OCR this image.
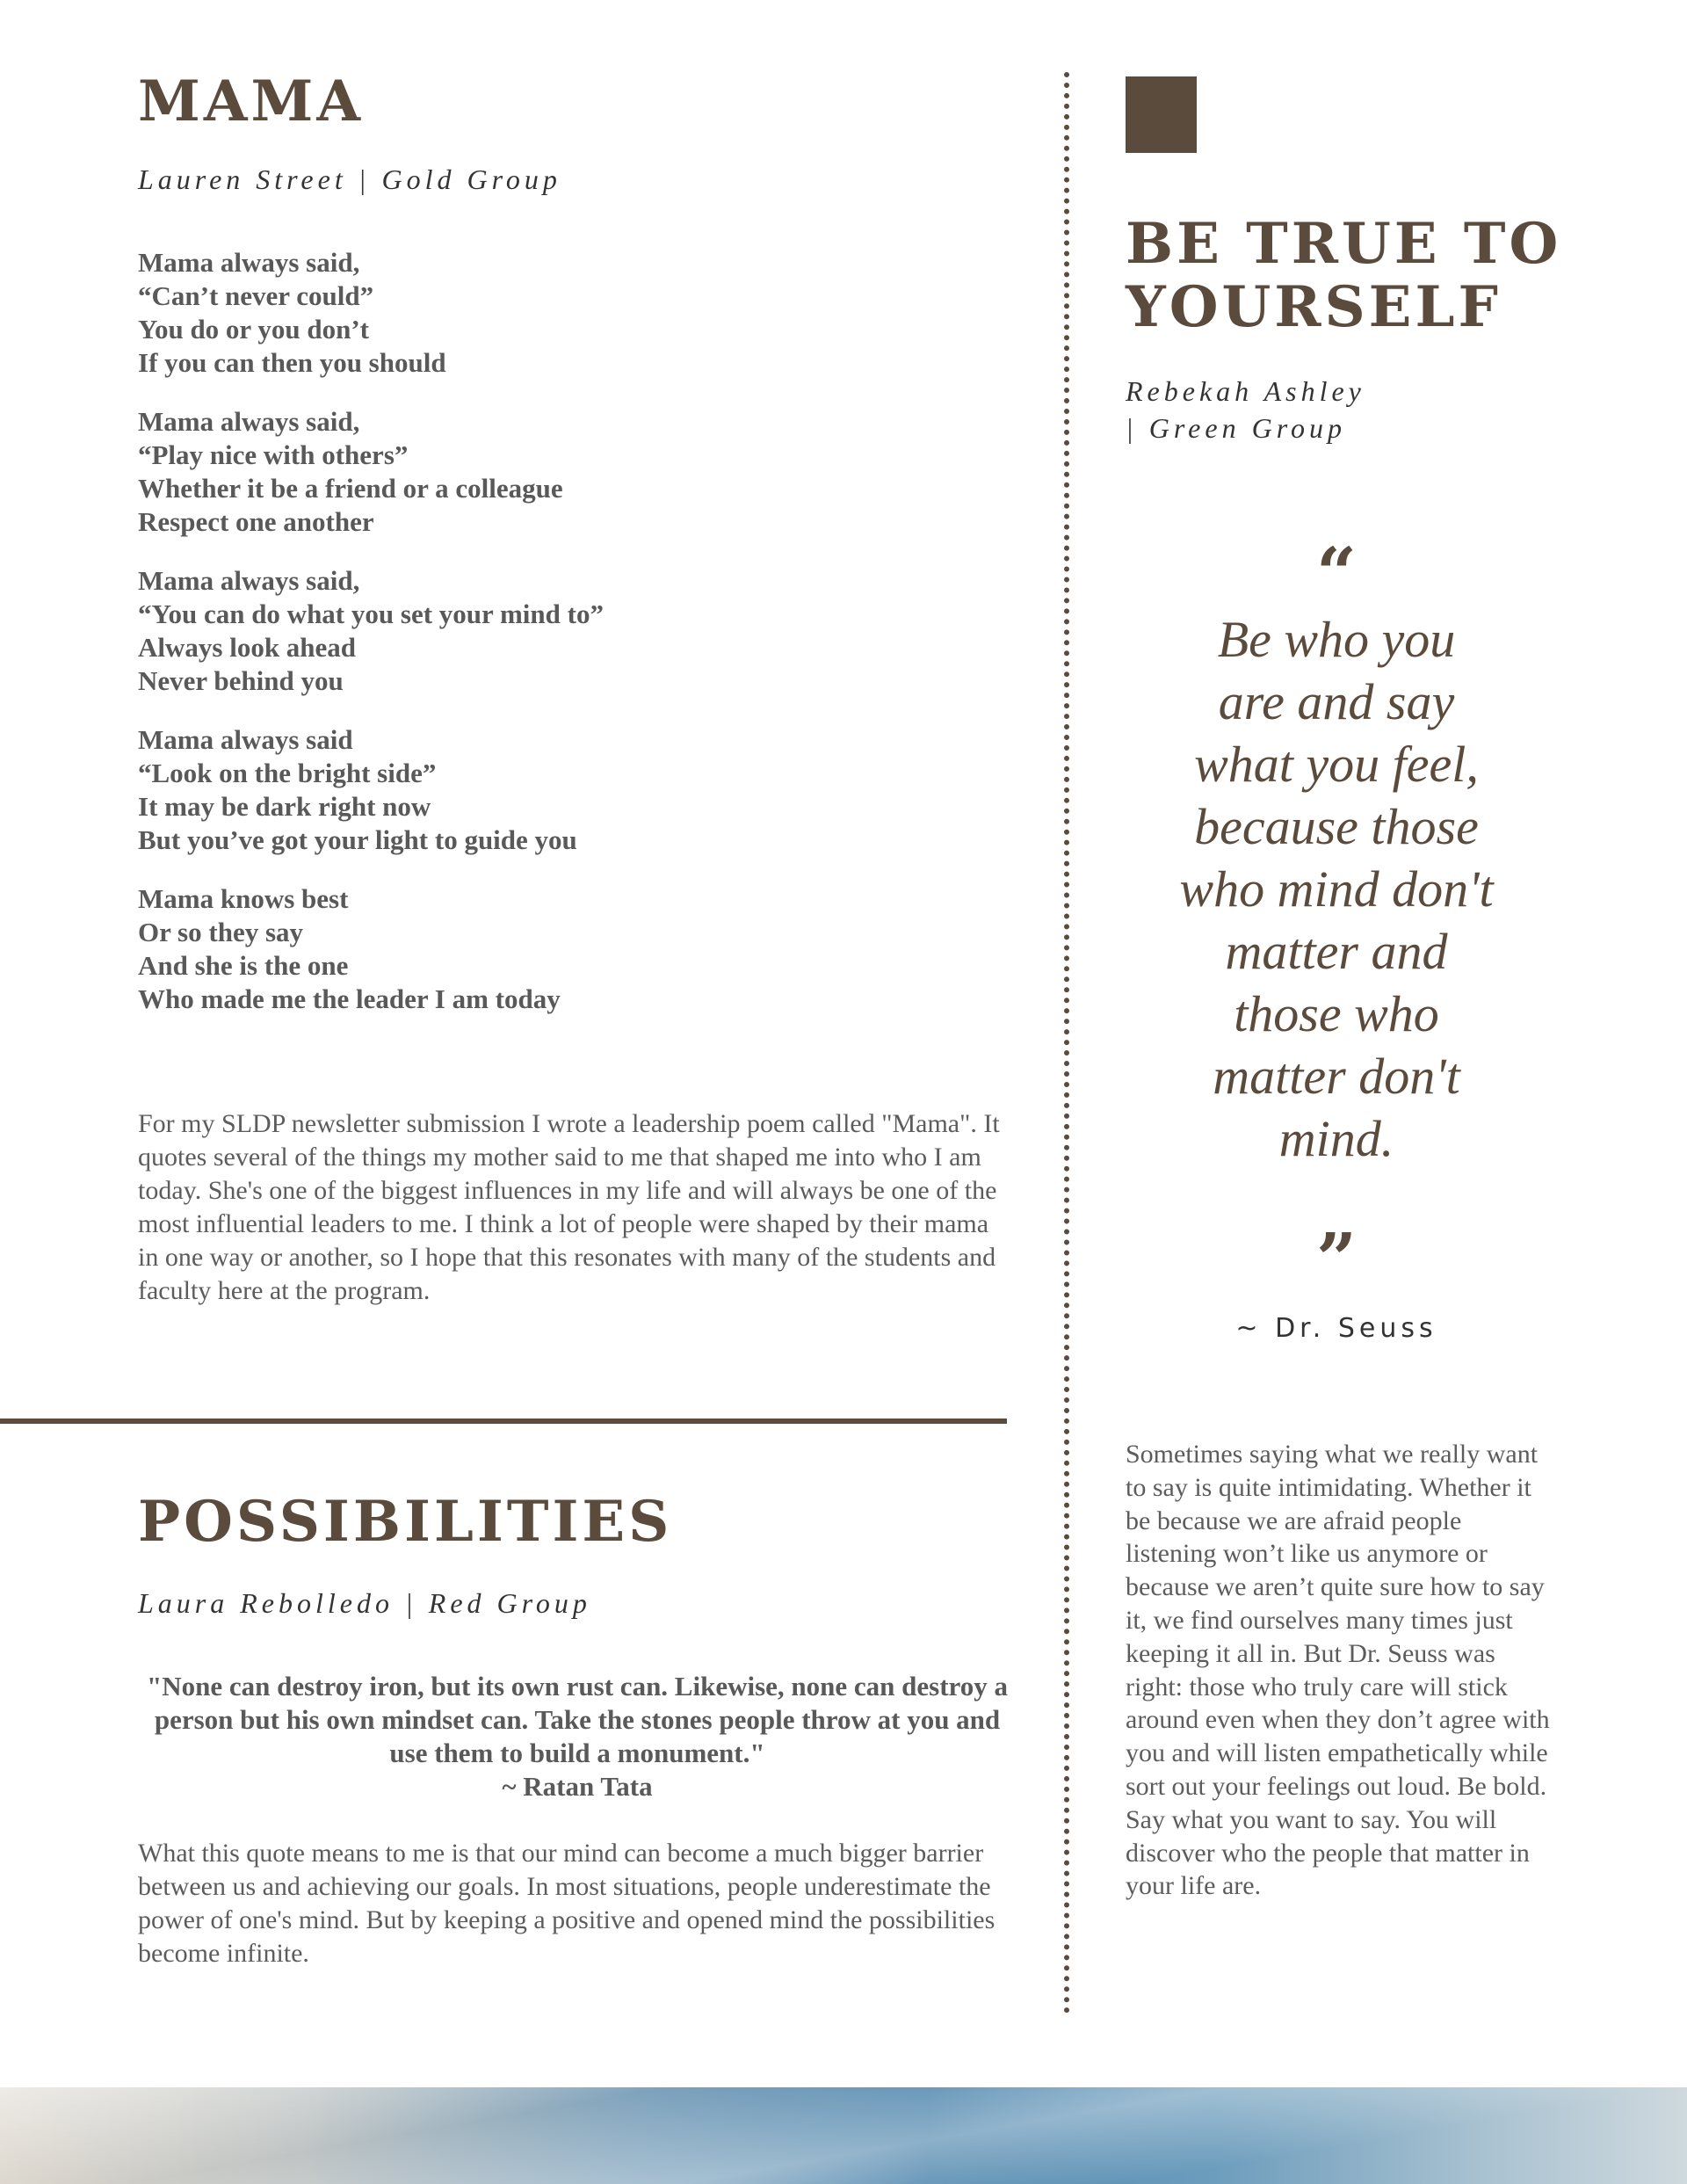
MAMA

Lauren Street | Gold Group

Mama always said,
“Can’t never could”
You do or you don’t
If you can then you should
Mama always said,
“Play nice with others”
Whether it be a friend or a colleague
Respect one another
Mama always said,
“You can do what you set your mind to”
Always look ahead
Never behind you
Mama always said
“Look on the bright side”
It may be dark right now
But you’ve got your light to guide you
Mama knows best
Or so they say
And she is the one
Who made me the leader I am today

For my SLDP newsletter submission I wrote a leadership poem called "Mama". It quotes several of the things my mother said to me that shaped me into who I am today. She's one of the biggest influences in my life and will always be one of the most influential leaders to me. I think a lot of people were shaped by their mama in one way or another, so I hope that this resonates with many of the students and faculty here at the program.

POSSIBILITIES

Laura Rebolledo | Red Group

"None can destroy iron, but its own rust can. Likewise, none can destroy a person but his own mindset can. Take the stones people throw at you and use them to build a monument."

~ Ratan Tata

What this quote means to me is that our mind can become a much bigger barrier between us and achieving our goals. In most situations, people underestimate the power of one's mind. But by keeping a positive and opened mind the possibilities become infinite.

BE TRUE TO
YOURSELF

Rebekah Ashley
| Green Group

“

Be who you

are and say

what you feel,

because those

who mind don't

matter and

those who

matter don't

mind.

”

~ Dr. Seuss

Sometimes saying what we really want to say is quite intimidating. Whether it be because we are afraid people listening won’t like us anymore or because we aren’t quite sure how to say it, we find ourselves many times just keeping it all in. But Dr. Seuss was right: those who truly care will stick around even when they don’t agree with you and will listen empathetically while sort out your feelings out loud. Be bold. Say what you want to say. You will discover who the people that matter in your life are.
